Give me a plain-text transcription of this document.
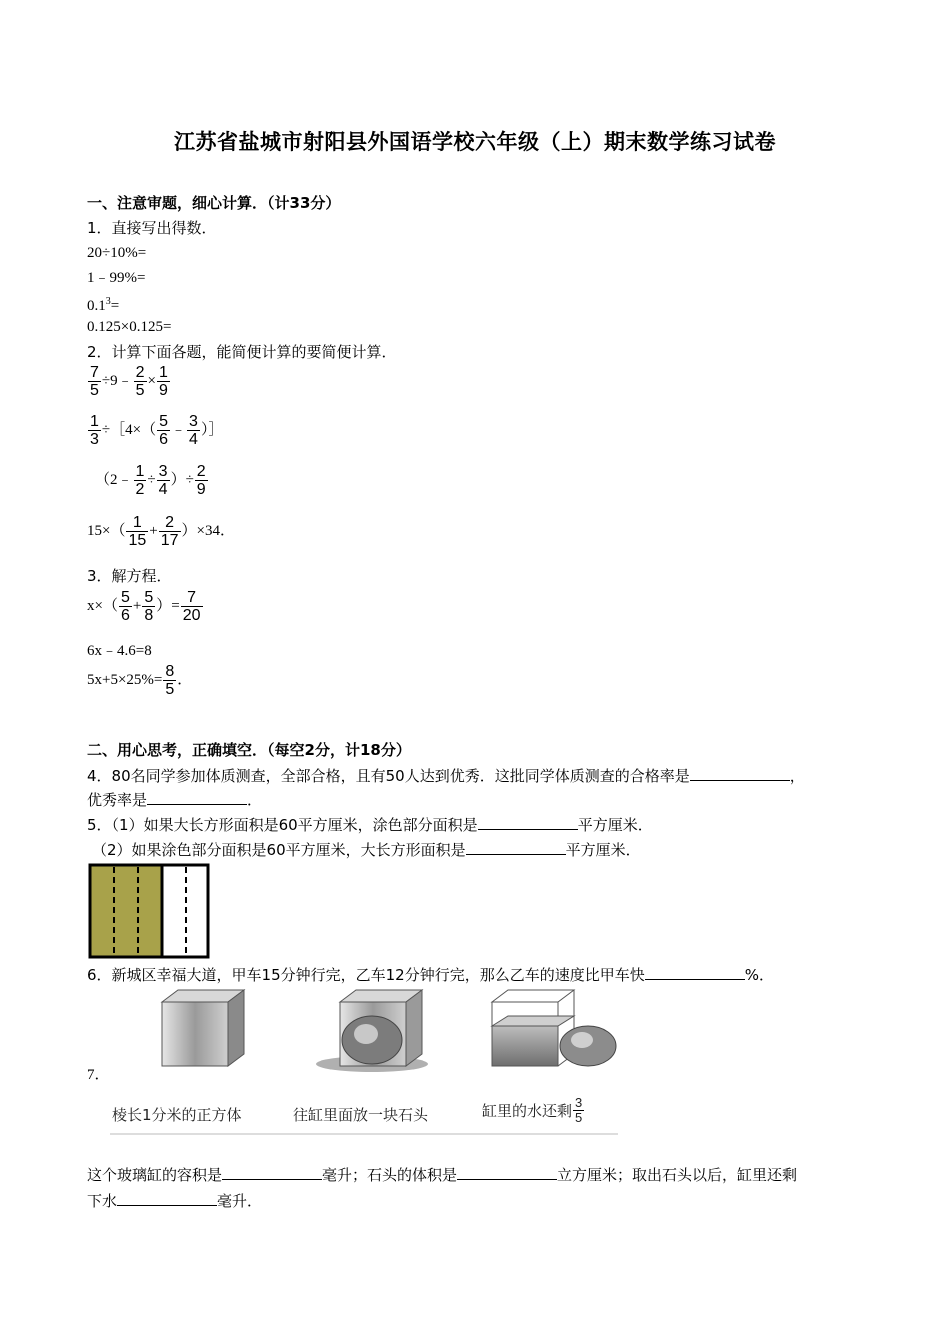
江苏省盐城市射阳县外国语学校六年级（上）期末数学练习试卷
一、注意审题，细心计算．（计33分）
1．直接写出得数．
20÷10%=
1﹣99%=
$0.1^3=$
0.125×0.125=
2．计算下面各题，能简便计算的要简便计算．
$\frac{7}{5}$ ÷9﹣ $\frac{2}{5} \times \frac{1}{9}$
$\frac{1}{3}$ ÷［4×（ $\frac{5}{6}$ ﹣ $\frac{3}{4}$ ）］
（2﹣ $\frac{1}{2} \div \frac{3}{4}$ ）÷ $\frac{2}{9}$
$15\times( \frac{1}{15} + \frac{2}{17} )\times 34$．
3．解方程．
$x\times( \frac{5}{6} + \frac{5}{8}$ ）= $\frac{7}{20}$
6x﹣4.6=8
$5x+5\times 25\%= \frac{8}{5}$ ．
二、用心思考，正确填空．（每空2分，计18分）
4．80名同学参加体质测查，全部合格，且有50人达到优秀．这批同学体质测查的合格率是	，
优秀率是	．
5．（1）如果大长方形面积是60平方厘米，涂色部分面积是	平方厘米．
（2）如果涂色部分面积是60平方厘米，大长方形面积是	平方厘米．
6．新城区幸福大道，甲车15分钟行完，乙车12分钟行完，那么乙车的速度比甲车快	%．
7．
棱长1分米的正方体	往缸里面放一块石头	缸里的水还剩 $\frac{3}{5}$
这个玻璃缸的容积是	毫升；石头的体积是	立方厘米；取出石头以后，缸里还剩
下水	毫升．
